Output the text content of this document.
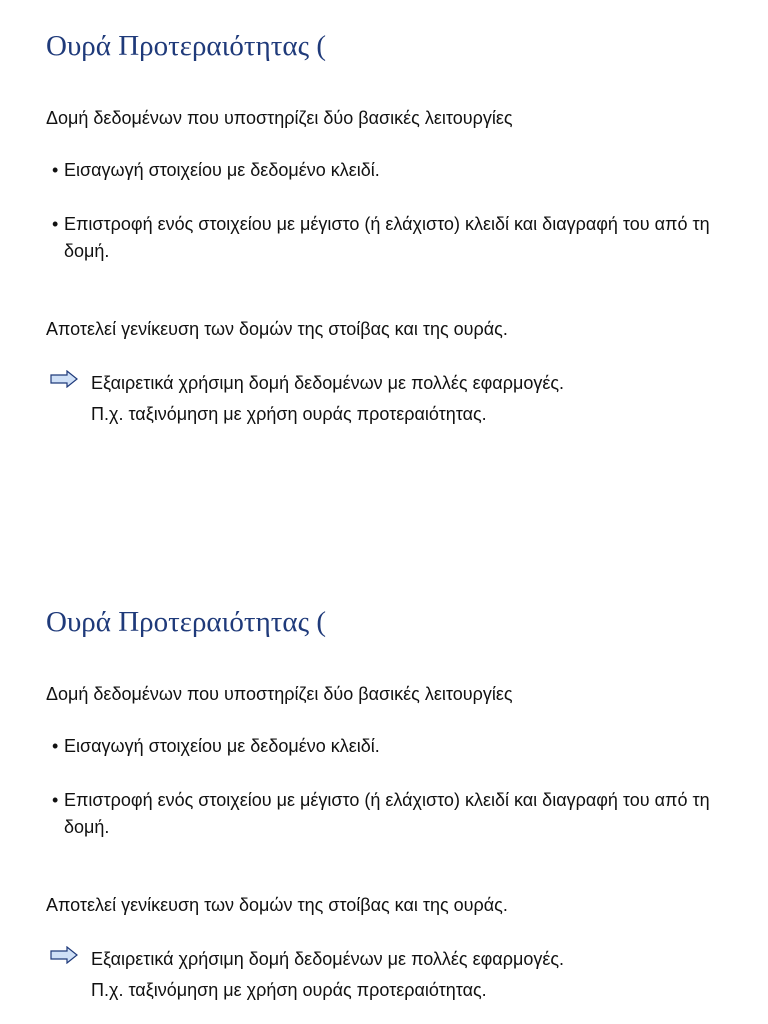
Ουρά Προτεραιότητας (
Δομή δεδομένων που υποστηρίζει δύο βασικές λειτουργίες
• Εισαγωγή στοιχείου με δεδομένο κλειδί.
• Επιστροφή ενός στοιχείου με μέγιστο (ή ελάχιστο) κλειδί και διαγραφή του από τη δομή.
Αποτελεί γενίκευση των δομών της στοίβας και της ουράς.
Εξαιρετικά χρήσιμη δομή δεδομένων με πολλές εφαρμογές.
Π.χ. ταξινόμηση με χρήση ουράς προτεραιότητας.
Ουρά Προτεραιότητας (
Δομή δεδομένων που υποστηρίζει δύο βασικές λειτουργίες
• Εισαγωγή στοιχείου με δεδομένο κλειδί.
• Επιστροφή ενός στοιχείου με μέγιστο (ή ελάχιστο) κλειδί και διαγραφή του από τη δομή.
Αποτελεί γενίκευση των δομών της στοίβας και της ουράς.
Εξαιρετικά χρήσιμη δομή δεδομένων με πολλές εφαρμογές.
Π.χ. ταξινόμηση με χρήση ουράς προτεραιότητας.
